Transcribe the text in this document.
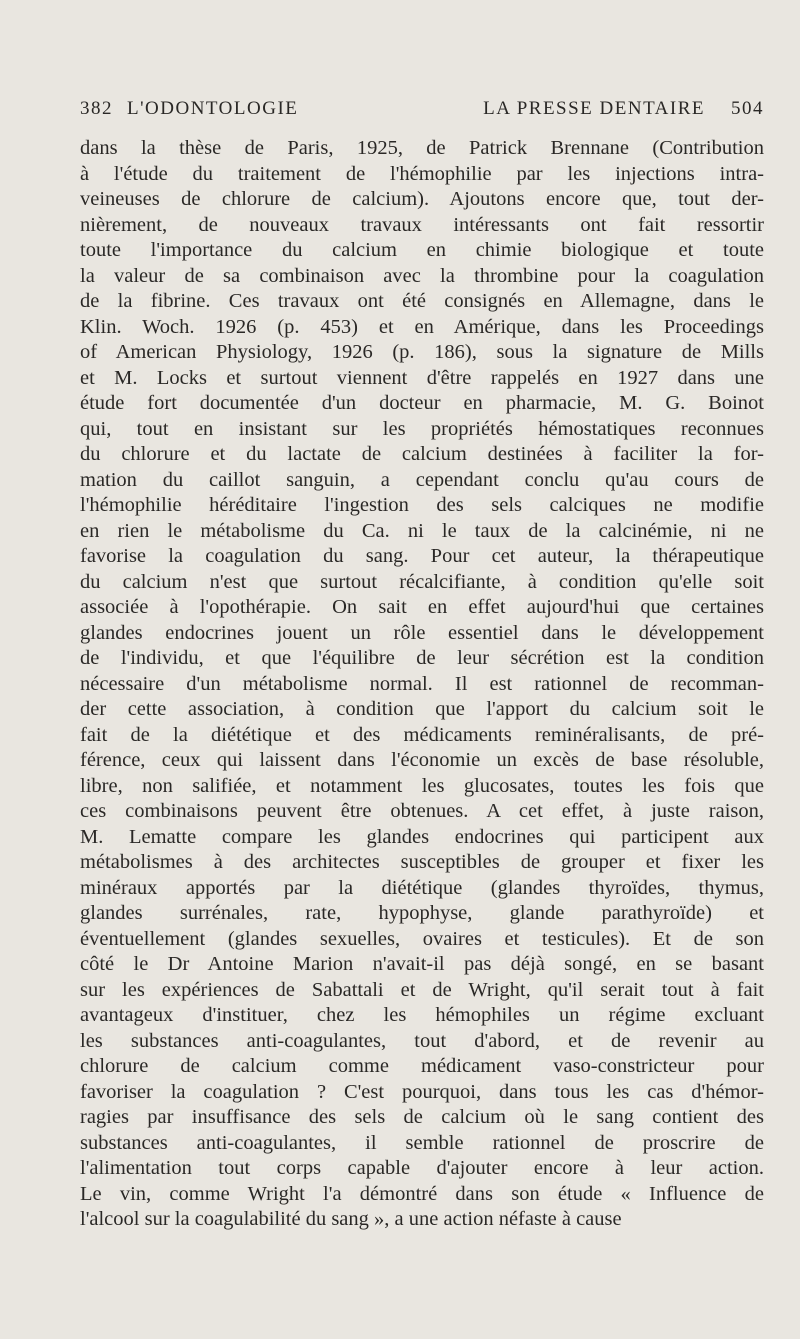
382 L'ODONTOLOGIE	LA PRESSE DENTAIRE 504
dans la thèse de Paris, 1925, de Patrick Brennane (Contribution
à l'étude du traitement de l'hémophilie par les injections intra-
veineuses de chlorure de calcium). Ajoutons encore que, tout der-
nièrement, de nouveaux travaux intéressants ont fait ressortir
toute l'importance du calcium en chimie biologique et toute
la valeur de sa combinaison avec la thrombine pour la coagulation
de la fibrine. Ces travaux ont été consignés en Allemagne, dans le
Klin. Woch. 1926 (p. 453) et en Amérique, dans les Proceedings
of American Physiology, 1926 (p. 186), sous la signature de Mills
et M. Locks et surtout viennent d'être rappelés en 1927 dans une
étude fort documentée d'un docteur en pharmacie, M. G. Boinot
qui, tout en insistant sur les propriétés hémostatiques reconnues
du chlorure et du lactate de calcium destinées à faciliter la for-
mation du caillot sanguin, a cependant conclu qu'au cours de
l'hémophilie héréditaire l'ingestion des sels calciques ne modifie
en rien le métabolisme du Ca. ni le taux de la calcinémie, ni ne
favorise la coagulation du sang. Pour cet auteur, la thérapeutique
du calcium n'est que surtout récalcifiante, à condition qu'elle soit
associée à l'opothérapie. On sait en effet aujourd'hui que certaines
glandes endocrines jouent un rôle essentiel dans le développement
de l'individu, et que l'équilibre de leur sécrétion est la condition
nécessaire d'un métabolisme normal. Il est rationnel de recomman-
der cette association, à condition que l'apport du calcium soit le
fait de la diététique et des médicaments reminéralisants, de pré-
férence, ceux qui laissent dans l'économie un excès de base résoluble,
libre, non salifiée, et notamment les glucosates, toutes les fois que
ces combinaisons peuvent être obtenues. A cet effet, à juste raison,
M. Lematte compare les glandes endocrines qui participent aux
métabolismes à des architectes susceptibles de grouper et fixer les
minéraux apportés par la diététique (glandes thyroïdes, thymus,
glandes surrénales, rate, hypophyse, glande parathyroïde) et
éventuellement (glandes sexuelles, ovaires et testicules). Et de son
côté le Dr Antoine Marion n'avait-il pas déjà songé, en se basant
sur les expériences de Sabattali et de Wright, qu'il serait tout à fait
avantageux d'instituer, chez les hémophiles un régime excluant
les substances anti-coagulantes, tout d'abord, et de revenir au
chlorure de calcium comme médicament vaso-constricteur pour
favoriser la coagulation ? C'est pourquoi, dans tous les cas d'hémor-
ragies par insuffisance des sels de calcium où le sang contient des
substances anti-coagulantes, il semble rationnel de proscrire de
l'alimentation tout corps capable d'ajouter encore à leur action.
Le vin, comme Wright l'a démontré dans son étude « Influence de
l'alcool sur la coagulabilité du sang », a une action néfaste à cause
